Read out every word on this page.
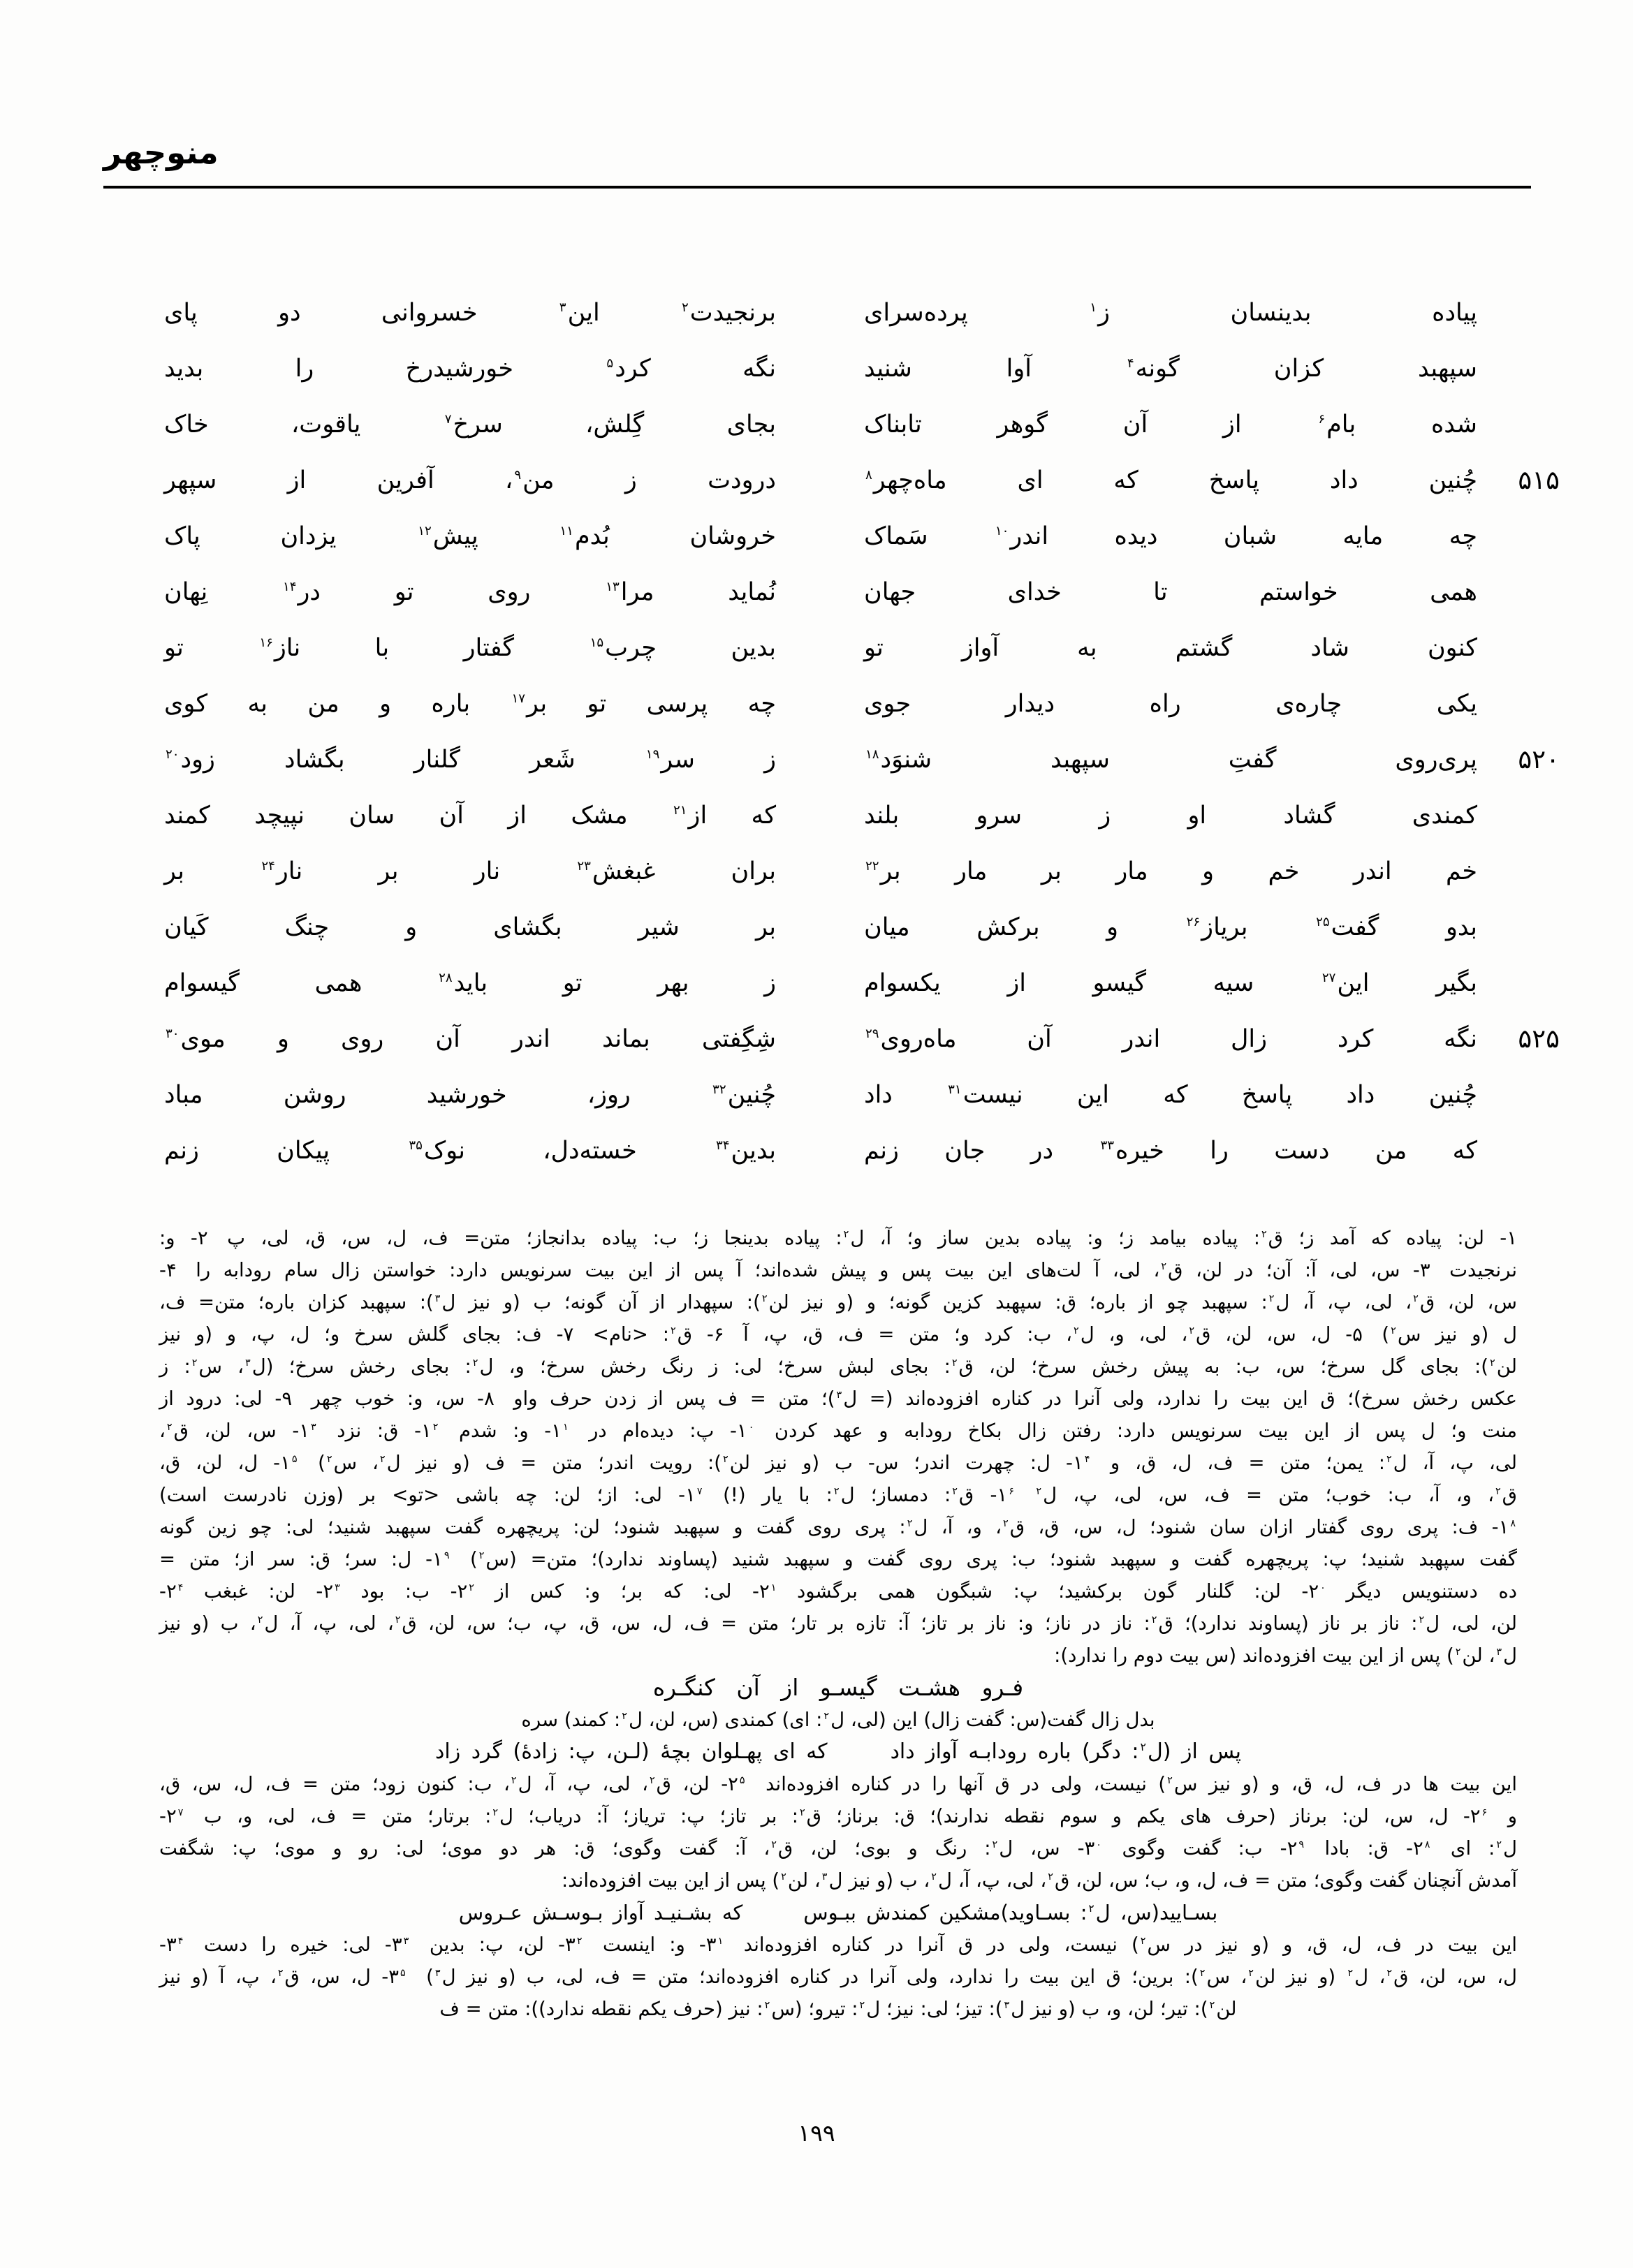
منوچهر
پیاده بدینسان ز$^۱$ پرده‌سرای
برنجیدت$^۲$ این$^۳$ خسروانی دو پای
سپهبد کزان گونه$^۴$ آوا شنید
نگه کرد$^۵$ خورشیدرخ را بدید
شده بام$^۶$ از آن گوهر تابناک
بجای گِلش، سرخ$^۷$ یاقوت، خاک
۵۱۵
چُنین داد پاسخ که ای ماه‌چهر$^۸$
درودت ز من$^۹$، آفرین از سپهر
چه مایه شبان دیده اندر$^{۱۰}$ سَماک
خروشان بُدم$^{۱۱}$ پیش$^{۱۲}$ یزدان پاک
همی خواستم تا خدای جهان
نُماید مرا$^{۱۳}$ روی تو در$^{۱۴}$ نِهان
کنون شاد گشتم به آواز تو
بدین چرب$^{۱۵}$ گفتار با ناز$^{۱۶}$ تو
یکی چاره‌ی راه دیدار جوی
چه پرسی تو بر$^{۱۷}$ باره و من به کوی
۵۲۰
پری‌روی گفتِ سپهبد شنوَد$^{۱۸}$
ز سر$^{۱۹}$ شَعر گلنار بگشاد زود$^{۲۰}$
کمندی گشاد او ز سرو بلند
که از$^{۲۱}$ مشک از آن سان نپیچد کمند
خم اندر خم و مار بر مار بر$^{۲۲}$
بران غبغش$^{۲۳}$ نار بر نار$^{۲۴}$ بر
بدو گفت$^{۲۵}$ بریاز$^{۲۶}$ و برکش میان
بر شیر بگشای و چنگ کَیان
بگیر این$^{۲۷}$ سیه گیسو از یکسوام
ز بهر تو باید$^{۲۸}$ همی گیسوام
۵۲۵
نگه کرد زال اندر آن ماه‌روی$^{۲۹}$
شِگِفتی بماند اندر آن روی و موی$^{۳۰}$
چُنین داد پاسخ که این نیست$^{۳۱}$ داد
چُنین$^{۳۲}$ روز، خورشید روشن مباد
که من دست را خیره$^{۳۳}$ در جان زنم
بدین$^{۳۴}$ خسته‌دل، نوک$^{۳۵}$ پیکان زنم
۱- لن: پیاده که آمد ز؛ ق$^۲$: پیاده بیامد ز؛ و: پیاده بدین ساز و؛ آ، ل$^۲$: پیاده بدینجا ز؛ ب: پیاده بدانجاز؛ متن= ف، ل، س، ق، لی، پ ۲- و:
نرنجیدت ۳- س، لی، آ: آن؛ در لن، ق$^۲$، لی، آ لت‌های این بیت پس و پیش شده‌اند؛ آ پس از این بیت سرنویس دارد: خواستن زال سام رودابه را ۴-
س، لن، ق$^۲$، لی، پ، آ، ل$^۲$: سپهبد چو از باره؛ ق: سپهبد کزین گونه؛ و (و نیز لن$^۲$): سپهدار از آن گونه؛ ب (و نیز ل$^۳$): سپهبد کزان باره؛ متن= ف،
ل (و نیز س$^۲$) ۵- ل، س، لن، ق$^۲$، لی، و، ل$^۲$، ب: کرد و؛ متن = ف، ق، پ، آ ۶- ق$^۲$: <نام> ۷- ف: بجای گلش سرخ و؛ ل، پ، و (و نیز
لن$^۲$): بجای گل سرخ؛ س، ب: به پیش رخش سرخ؛ لن، ق$^۲$: بجای لبش سرخ؛ لی: ز رنگ رخش سرخ؛ و، ل$^۲$: بجای رخش سرخ؛ (ل$^۳$، س$^۲$: ز
عکس رخش سرخ)؛ ق این بیت را ندارد، ولی آنرا در کناره افزوده‌اند (= ل$^۳$)؛ متن = ف پس از زدن حرف واو ۸- س، و: خوب چهر ۹- لی: درود از
منت و؛ ل پس از این بیت سرنویس دارد: رفتن زال بکاخ رودابه و عهد کردن $۱^۰-$ پ: دیده‌ام در $۱^۱-$ و: شدم $۱^۲-$ ق: نزد $۱^۳-$ س، لن، ق$^۲$،
لی، پ، آ، ل$^۲$: یمن؛ متن = ف، ل، ق، و $۱^۴-$ ل: چهرت اندر؛ س- ب (و نیز لن$^۲$): رویت اندر؛ متن = ف (و نیز ل$^۲$، س$^۲$) $۱^۵-$ ل، لن، ق،
ق$^۲$، و، آ، ب: خوب؛ متن = ف، س، لی، پ، ل$^۲$ $۱^۶-$ ق$^۲$: دمساز؛ ل$^۲$: با یار (!) $۱^۷-$ لی: از؛ لن: چه باشی <تو> بر (وزن نادرست است)
۱ $^۸$- ف: پری روی گفتار ازان سان شنود؛ ل، س، ق، ق$^۲$، و، آ، ل$^۲$: پری روی گفت و سپهبد شنود؛ لن: پریچهره گفت سپهبد شنید؛ لی: چو زین گونه
گفت سپهبد شنید؛ پ: پریچهره گفت و سپهبد شنود؛ ب: پری روی گفت و سپهبد شنید (پساوند ندارد)؛ متن= (س$^۲$) $۱^۹-$ ل: سر؛ ق: سر از؛ متن =
ده دستنویس دیگر $۲^۰-$ لن: گلنار گون برکشید؛ پ: شبگون همی برگشود $۲^۱-$ لی: که بر؛ و: کس از $۲^۲-$ ب: بود $۲^۳-$ لن: غبغب $۲^۴-$
لن، لی، ل$^۲$: ناز بر ناز (پساوند ندارد)؛ ق$^۲$: ناز در ناز؛ و: ناز بر تاز؛ آ: تازه بر تار؛ متن = ف، ل، س، ق، پ، ب؛ س، لن، ق$^۲$، لی، پ، آ، ل$^۲$، ب (و نیز
ل$^۳$، لن$^۲$) پس از این بیت افزوده‌اند (س بیت دوم را ندارد):
فـرو هشـت گیسـو از آن کنگـره
بدل زال گفت(س: گفت زال) این (لی، ل$^۲$: ای) کمندی (س، لن، ل$^۲$: کمند) سره
پس از (ل$^۲$: دگر) باره رودابـه آواز داد   که ای پهـلوان بچهٔ (لـن، پ: زادهٔ) گرد زاد
این بیت ها در ف، ل، ق، و (و نیز س$^۲$) نیست، ولی در ق آنها را در کناره افزوده‌اند $۲^۵-$ لن، ق$^۲$، لی، پ، آ، ل$^۲$، ب: کنون زود؛ متن = ف، ل، س، ق،
و $۲^۶-$ ل، س، لن: برناز (حرف های یکم و سوم نقطه ندارند)؛ ق: برناز؛ ق$^۲$: بر تاز؛ پ: تریاز؛ آ: دریاب؛ ل$^۲$: برتار؛ متن = ف، لی، و، ب $۲^۷-$
ل$^۲$: ای $۲^۸-$ ق: بادا $۲^۹-$ ب: گفت وگوی $۳^۰-$ س، ل$^۲$: رنگ و بوی؛ لن، ق$^۲$، آ: گفت وگوی؛ ق: هر دو موی؛ لی: رو و موی؛ پ: شگفت
آمدش آنچنان گفت وگوی؛ متن = ف، ل، و، ب؛ س، لن، ق$^۲$، لی، پ، آ، ل$^۲$، ب (و نیز ل$^۳$، لن$^۲$) پس از این بیت افزوده‌اند:
بسـایید(س، ل$^۲$: بسـاوید)مشکین کمندش ببـوس   که بشـنیـد آواز بـوسـش عـروس
این بیت در ف، ل، ق، و (و نیز در س$^۲$) نیست، ولی در ق آنرا در کناره افزوده‌اند $۳^۱-$ و: اینست $۳^۲-$ لن، پ: بدین $۳^۳-$ لی: خیره را دست $۳^۴-$
ل، س، لن، ق$^۲$، ل$^۲$ (و نیز لن$^۲$، س$^۲$): برین؛ ق این بیت را ندارد، ولی آنرا در کناره افزوده‌اند؛ متن = ف، لی، ب (و نیز ل$^۳$) $۳^۵-$ ل، س، ق$^۲$، پ، آ (و نیز
لن$^۲$): تیر؛ لن، و، ب (و نیز ل$^۳$): تیز؛ لی: نیز؛ ل$^۲$: تیرو؛ (س$^۲$: نیز (حرف یکم نقطه ندارد)): متن = ف
۱۹۹
